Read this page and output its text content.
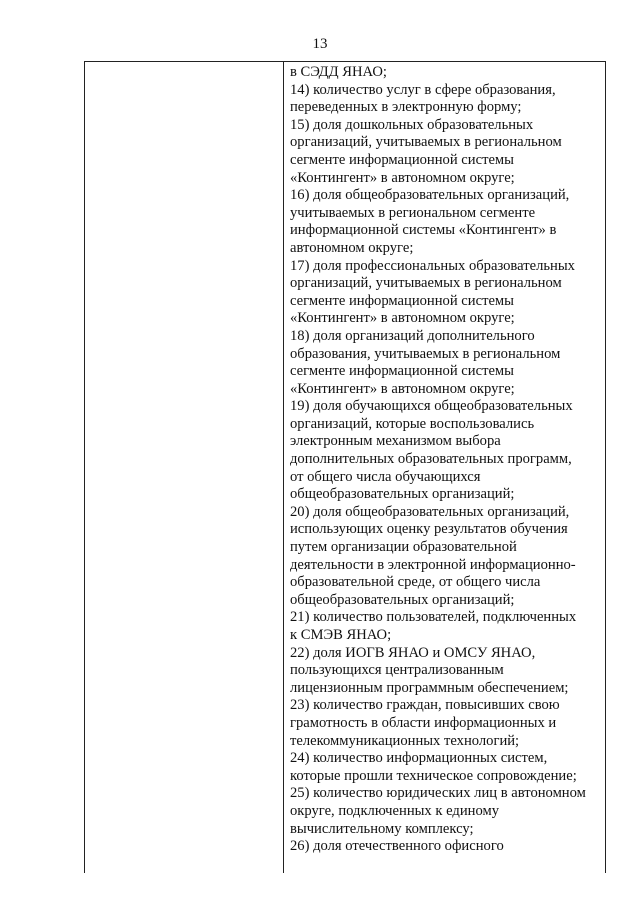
13
в СЭДД ЯНАО;
14) количество услуг в сфере образования,
переведенных в электронную форму;
15) доля дошкольных образовательных
организаций, учитываемых в региональном
сегменте информационной системы
«Контингент» в автономном округе;
16) доля общеобразовательных организаций,
учитываемых в региональном сегменте
информационной системы «Контингент» в
автономном округе;
17) доля профессиональных образовательных
организаций, учитываемых в региональном
сегменте информационной системы
«Контингент» в автономном округе;
18) доля организаций дополнительного
образования, учитываемых в региональном
сегменте информационной системы
«Контингент» в автономном округе;
19) доля обучающихся общеобразовательных
организаций, которые воспользовались
электронным механизмом выбора
дополнительных образовательных программ,
от общего числа обучающихся
общеобразовательных организаций;
20) доля общеобразовательных организаций,
использующих оценку результатов обучения
путем организации образовательной
деятельности в электронной информационно-
образовательной среде, от общего числа
общеобразовательных организаций;
21) количество пользователей, подключенных
к СМЭВ ЯНАО;
22) доля ИОГВ ЯНАО и ОМСУ ЯНАО,
пользующихся централизованным
лицензионным программным обеспечением;
23) количество граждан, повысивших свою
грамотность в области информационных и
телекоммуникационных технологий;
24) количество информационных систем,
которые прошли техническое сопровождение;
25) количество юридических лиц в автономном
округе, подключенных к единому
вычислительному комплексу;
26) доля отечественного офисного
